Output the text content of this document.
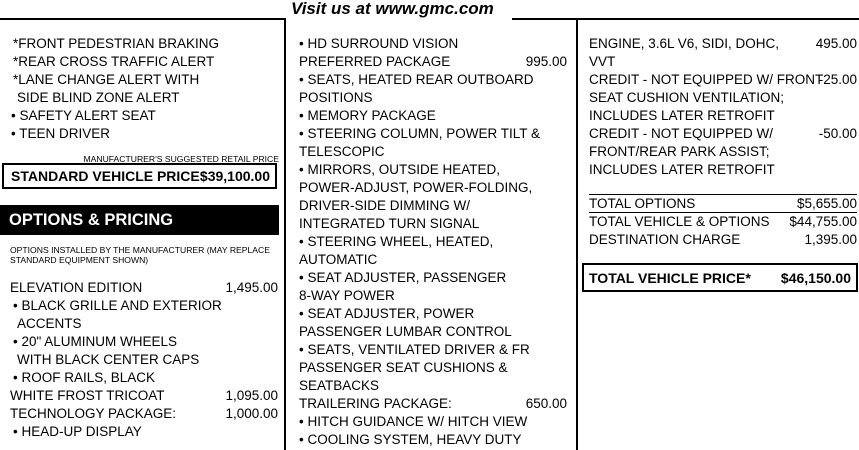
Visit us at www.gmc.com
*FRONT PEDESTRIAN BRAKING
*REAR CROSS TRAFFIC ALERT
*LANE CHANGE ALERT WITH
SIDE BLIND ZONE ALERT
• SAFETY ALERT SEAT
• TEEN DRIVER
MANUFACTURER'S SUGGESTED RETAIL PRICE
STANDARD VEHICLE PRICE $39,100.00
OPTIONS & PRICING
OPTIONS INSTALLED BY THE MANUFACTURER (MAY REPLACE
STANDARD EQUIPMENT SHOWN)
ELEVATION EDITION	1,495.00
• BLACK GRILLE AND EXTERIOR
ACCENTS
• 20" ALUMINUM WHEELS
WITH BLACK CENTER CAPS
• ROOF RAILS, BLACK
WHITE FROST TRICOAT	1,095.00
TECHNOLOGY PACKAGE:	1,000.00
• HEAD-UP DISPLAY
• HD SURROUND VISION
PREFERRED PACKAGE	995.00
• SEATS, HEATED REAR OUTBOARD
POSITIONS
• MEMORY PACKAGE
• STEERING COLUMN, POWER TILT &
TELESCOPIC
• MIRRORS, OUTSIDE HEATED,
POWER-ADJUST, POWER-FOLDING,
DRIVER-SIDE DIMMING W/
INTEGRATED TURN SIGNAL
• STEERING WHEEL, HEATED,
AUTOMATIC
• SEAT ADJUSTER, PASSENGER
8-WAY POWER
• SEAT ADJUSTER, POWER
PASSENGER LUMBAR CONTROL
• SEATS, VENTILATED DRIVER & FR
PASSENGER SEAT CUSHIONS &
SEATBACKS
TRAILERING PACKAGE:	650.00
• HITCH GUIDANCE W/ HITCH VIEW
• COOLING SYSTEM, HEAVY DUTY
ENGINE, 3.6L V6, SIDI, DOHC,	495.00
VVT
CREDIT - NOT EQUIPPED W/ FRONT
-25.00
SEAT CUSHION VENTILATION;
INCLUDES LATER RETROFIT
CREDIT - NOT EQUIPPED W/	-50.00
FRONT/REAR PARK ASSIST;
INCLUDES LATER RETROFIT
TOTAL OPTIONS	$5,655.00
TOTAL VEHICLE & OPTIONS $44,755.00
DESTINATION CHARGE	1,395.00
TOTAL VEHICLE PRICE* $46,150.00
